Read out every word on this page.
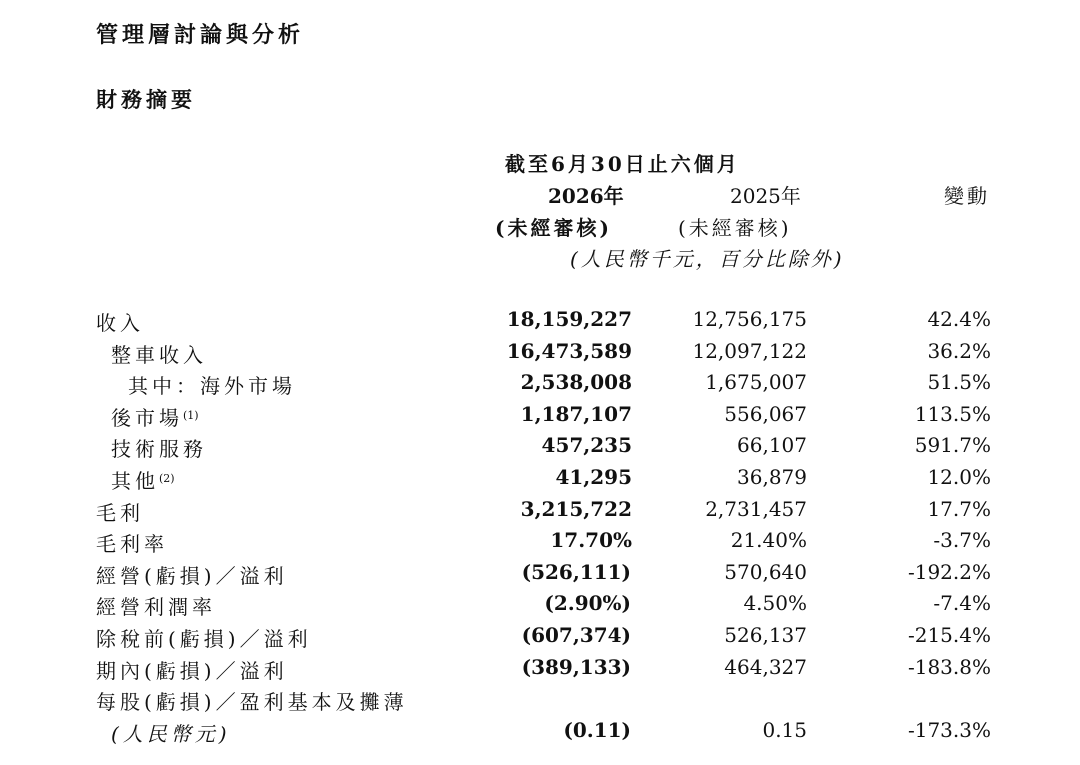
管理層討論與分析
財務摘要
截至6月30日止六個月
2026年	2025年	變動
(未經審核)	(未經審核)
(人民幣千元，百分比除外)
收入	18,159,227	12,756,175	42.4%
整車收入	16,473,589	12,097,122	36.2%
其中：海外市場	2,538,008	1,675,007	51.5%
後市場$^{(1)}$	1,187,107	556,067	113.5%
技術服務	457,235	66,107	591.7%
其他$^{(2)}$	41,295	36,879	12.0%
毛利	3,215,722	2,731,457	17.7%
毛利率	17.70%	21.40%	-3.7%
經營(虧損)／溢利	(526,111)	570,640	-192.2%
經營利潤率	(2.90%)	4.50%	-7.4%
除稅前(虧損)／溢利	(607,374)	526,137	-215.4%
期內(虧損)／溢利	(389,133)	464,327	-183.8%
每股(虧損)／盈利基本及攤薄
(人民幣元)	(0.11)	0.15	-173.3%
